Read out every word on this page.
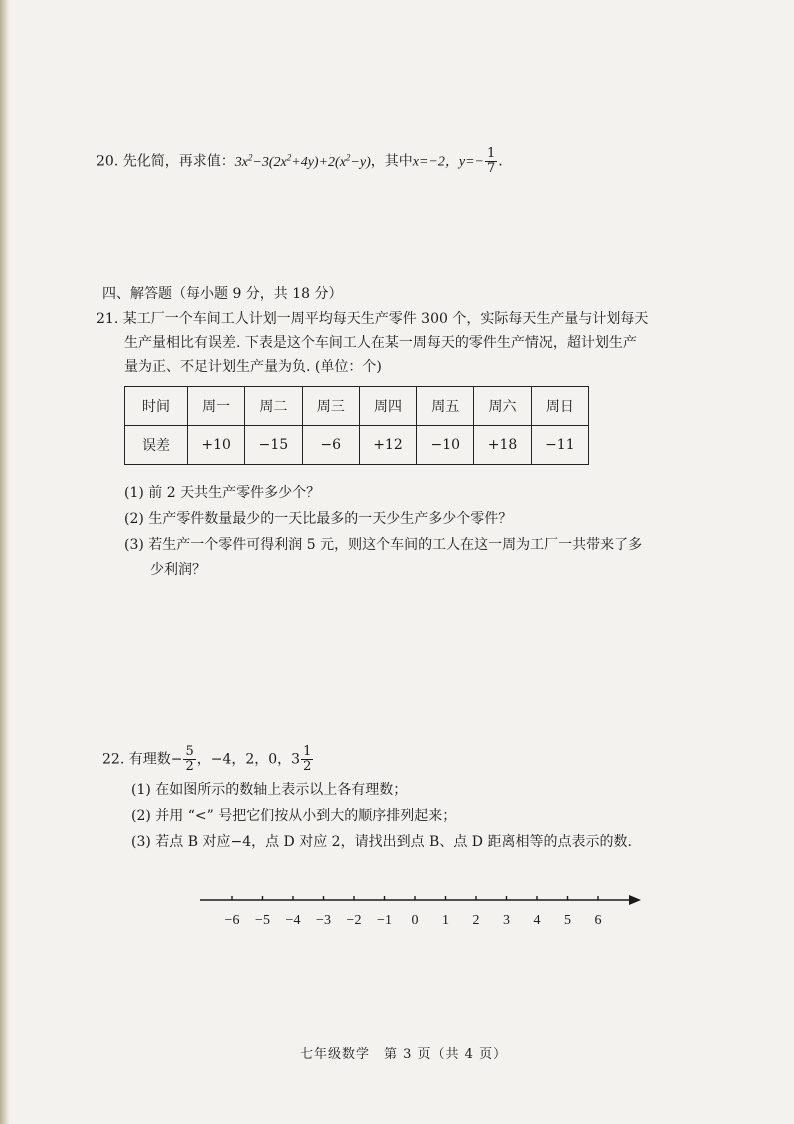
20. 先化简，再求值：$3x^2-3(2x^2+4y)+2(x^2-y)$，其中x=−2，$y=- \frac{1}{7}$ .
四、解答题（每小题 9 分，共 18 分）
21. 某工厂一个车间工人计划一周平均每天生产零件 300 个，实际每天生产量与计划每天
生产量相比有误差. 下表是这个车间工人在某一周每天的零件生产情况，超计划生产
量为正、不足计划生产量为负. (单位：个)
时间	周一	周二	周三	周四	周五	周六	周日
误差	+10	−15	−6	+12	−10	+18	−11
(1) 前 2 天共生产零件多少个？
(2) 生产零件数量最少的一天比最多的一天少生产多少个零件？
(3) 若生产一个零件可得利润 5 元，则这个车间的工人在这一周为工厂一共带来了多
少利润？
22. 有理数− $\frac{5}{2}$ ，−4，2，0，$3 \frac{1}{2}$
(1) 在如图所示的数轴上表示以上各有理数；
(2) 并用 “<” 号把它们按从小到大的顺序排列起来；
(3) 若点 B 对应−4，点 D 对应 2，请找出到点 B、点 D 距离相等的点表示的数.
−6 −5 −4 −3 −2 −1 0 1 2 3 4 5 6
七年级数学　第 3 页（共 4 页）
